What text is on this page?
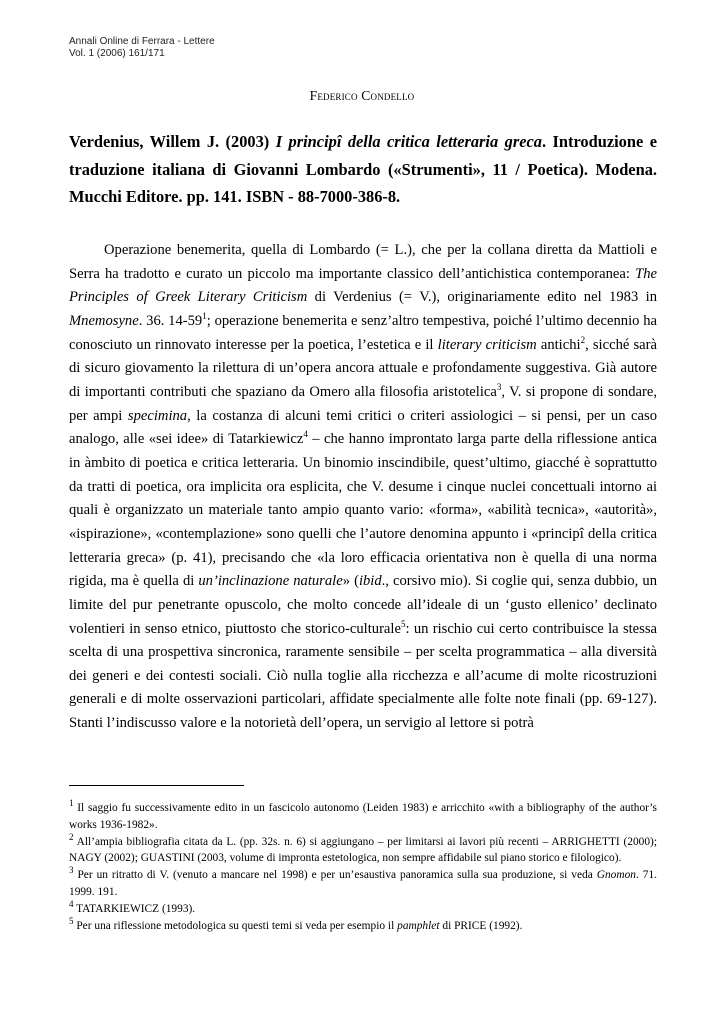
Annali Online di Ferrara - Lettere
Vol. 1 (2006) 161/171
Federico Condello
Verdenius, Willem J. (2003) I principî della critica letteraria greca. Introduzione e traduzione italiana di Giovanni Lombardo («Strumenti», 11 / Poetica). Modena. Mucchi Editore. pp. 141. ISBN - 88-7000-386-8.

Operazione benemerita, quella di Lombardo (= L.), che per la collana diretta da Mattioli e Serra ha tradotto e curato un piccolo ma importante classico dell’antichistica contemporanea: The Principles of Greek Literary Criticism di Verdenius (= V.), originariamente edito nel 1983 in Mnemosyne. 36. $14-59^1$; operazione benemerita e senz’altro tempestiva, poiché l’ultimo decennio ha conosciuto un rinnovato interesse per la poetica, l’estetica e il literary criticism antichi$^2$, sicché sarà di sicuro giovamento la rilettura di un’opera ancora attuale e profondamente suggestiva. Già autore di importanti contributi che spaziano da Omero alla filosofia aristotelica$^3$, V. si propone di sondare, per ampi specimina, la costanza di alcuni temi critici o criteri assiologici – si pensi, per un caso analogo, alle «sei idee» di Tatarkiewicz$^4$ – che hanno improntato larga parte della riflessione antica in àmbito di poetica e critica letteraria. Un binomio inscindibile, quest’ultimo, giacché è soprattutto da tratti di poetica, ora implicita ora esplicita, che V. desume i cinque nuclei concettuali intorno ai quali è organizzato un materiale tanto ampio quanto vario: «forma», «abilità tecnica», «autorità», «ispirazione», «contemplazione» sono quelli che l’autore denomina appunto i «principî della critica letteraria greca» (p. 41), precisando che «la loro efficacia orientativa non è quella di una norma rigida, ma è quella di un’inclinazione naturale» (ibid., corsivo mio). Si coglie qui, senza dubbio, un limite del pur penetrante opuscolo, che molto concede all’ideale di un ‘gusto ellenico’ declinato volentieri in senso etnico, piuttosto che storico-culturale$^5$: un rischio cui certo contribuisce la stessa scelta di una prospettiva sincronica, raramente sensibile – per scelta programmatica – alla diversità dei generi e dei contesti sociali. Ciò nulla toglie alla ricchezza e all’acume di molte ricostruzioni generali e di molte osservazioni particolari, affidate specialmente alle folte note finali (pp. 69-127). Stanti l’indiscusso valore e la notorietà dell’opera, un servigio al lettore si potrà

$^1$ Il saggio fu successivamente edito in un fascicolo autonomo (Leiden 1983) e arricchito «with a bibliography of the author’s works 1936-1982».

$^2$ All’ampia bibliografia citata da L. (pp. 32s. n. 6) si aggiungano – per limitarsi ai lavori più recenti – ARRIGHETTI (2000); NAGY (2002); GUASTINI (2003, volume di impronta estetologica, non sempre affidabile sul piano storico e filologico).

$^3$ Per un ritratto di V. (venuto a mancare nel 1998) e per un’esaustiva panoramica sulla sua produzione, si veda Gnomon. 71. 1999. 191.

$^4$ TATARKIEWICZ (1993).

$^5$ Per una riflessione metodologica su questi temi si veda per esempio il pamphlet di PRICE (1992).
